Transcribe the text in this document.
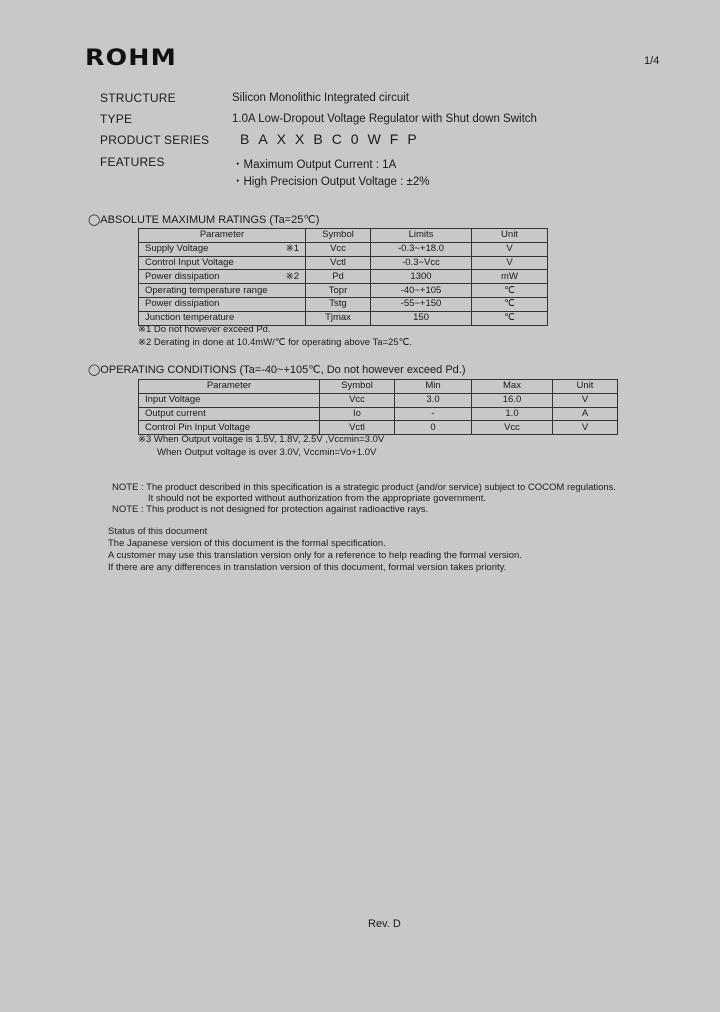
ROHM	1/4
STRUCTURE	Silicon Monolithic Integrated circuit
TYPE	1.0A Low-Dropout Voltage Regulator with Shut down Switch
PRODUCT SERIES BAXXBC0WFP
FEATURES	・Maximum Output Current : 1A
・High Precision Output Voltage : ±2%
◯ABSOLUTE MAXIMUM RATINGS (Ta=25℃)
Parameter	Symbol	Limits	Unit
Supply Voltage ※1	Vcc	-0.3~+18.0	V
Control Input Voltage	Vctl	-0.3~Vcc	V
Power dissipation ※2	Pd	1300	mW
Operating temperature range	Topr	-40~+105	℃
Power dissipation	Tstg	-55~+150	℃
Junction temperature	Tjmax	150	℃
※1 Do not however exceed Pd.
※2 Derating in done at 10.4mW/℃ for operating above Ta=25℃.
◯OPERATING CONDITIONS (Ta=-40~+105℃, Do not however exceed Pd.)
Parameter	Symbol	Min	Max	Unit
Input Voltage	Vcc	3.0	16.0	V
Output current	Io	-	1.0	A
Control Pin Input Voltage	Vctl	0	Vcc	V
※3 When Output voltage is 1.5V, 1.8V, 2.5V ,Vccmin=3.0V
When Output voltage is over 3.0V, Vccmin=Vo+1.0V
NOTE : The product described in this specification is a strategic product (and/or service) subject to COCOM regulations.
It should not be exported without authorization from the appropriate government.
NOTE : This product is not designed for protection against radioactive rays.
Status of this document
The Japanese version of this document is the formal specification.
A customer may use this translation version only for a reference to help reading the formal version.
If there are any differences in translation version of this document, formal version takes priority.
Rev. D
